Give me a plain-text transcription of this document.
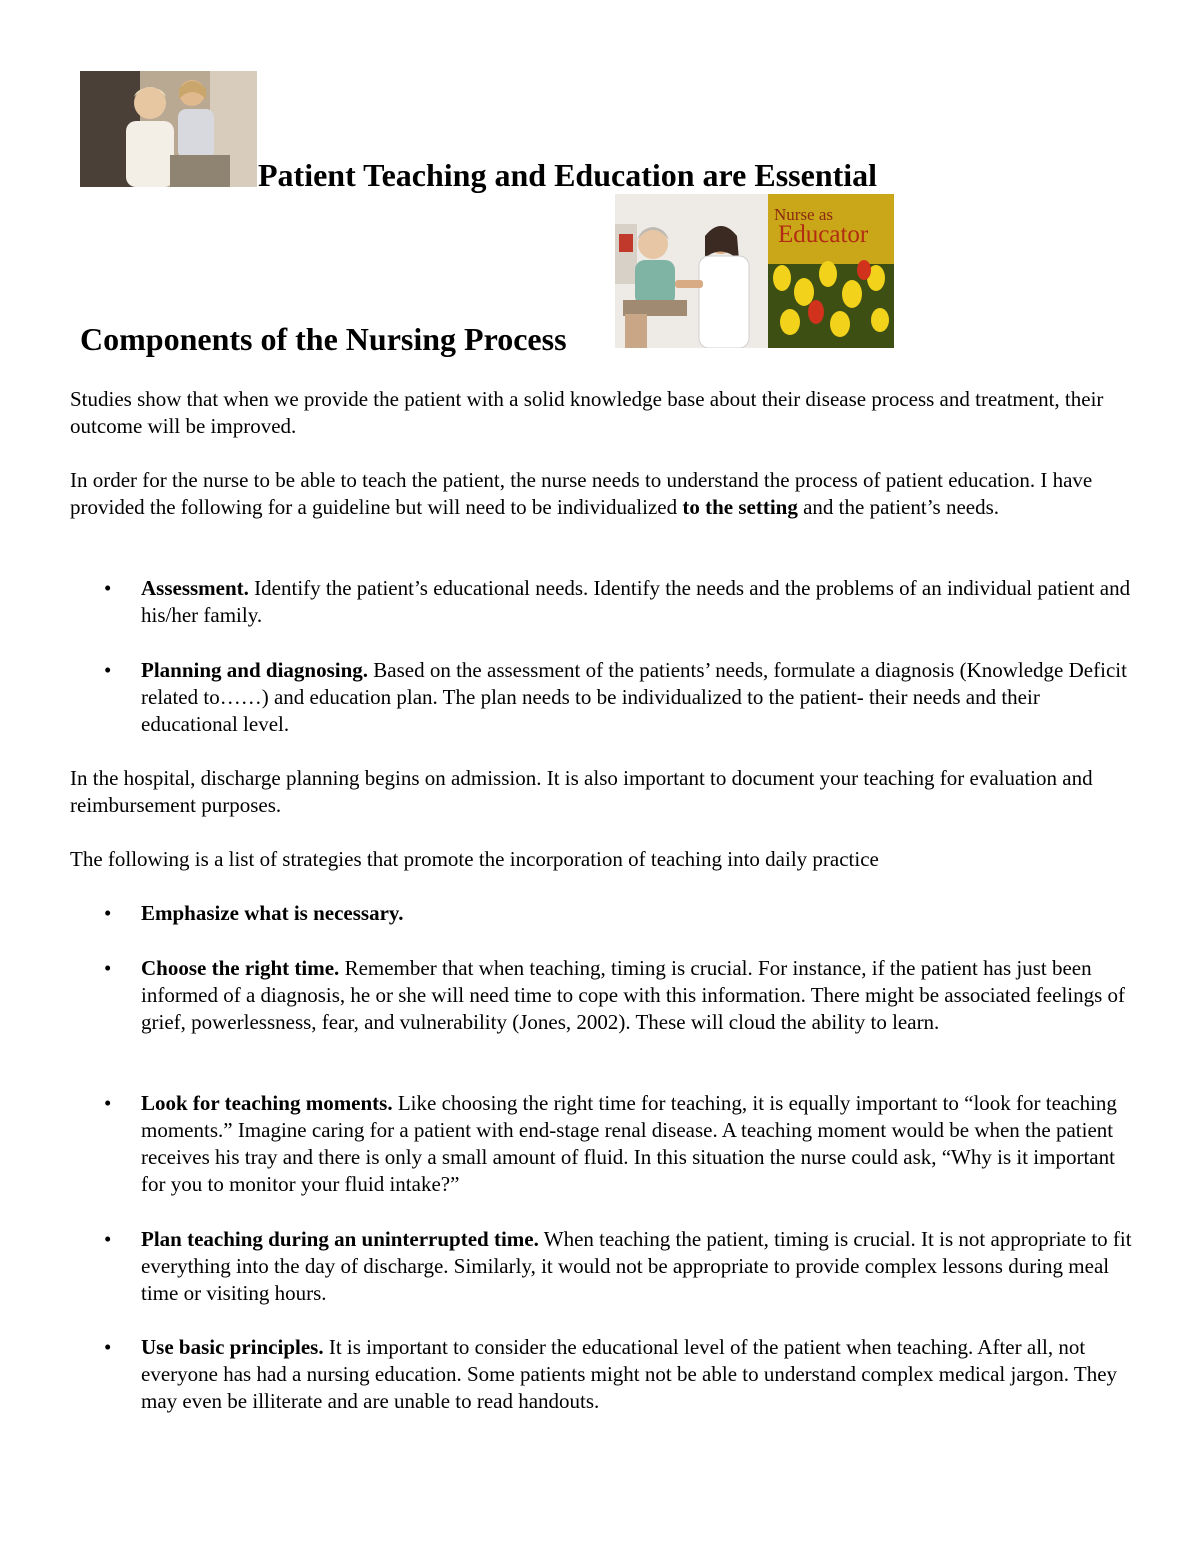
Patient Teaching and Education are Essential
Nurse as
Educator
Components of the Nursing Process

Studies show that when we provide the patient with a solid knowledge base about their disease process and treatment, their outcome will be improved.

In order for the nurse to be able to teach the patient, the nurse needs to understand the process of patient education. I have provided the following for a guideline but will need to be individualized to the setting and the patient’s needs.

• Assessment. Identify the patient’s educational needs. Identify the needs and the problems of an individual patient and his/her family.

• Planning and diagnosing. Based on the assessment of the patients’ needs, formulate a diagnosis (Knowledge Deficit related to……) and education plan. The plan needs to be individualized to the patient- their needs and their educational level.

In the hospital, discharge planning begins on admission. It is also important to document your teaching for evaluation and reimbursement purposes.

The following is a list of strategies that promote the incorporation of teaching into daily practice

• Emphasize what is necessary.

• Choose the right time. Remember that when teaching, timing is crucial. For instance, if the patient has just been informed of a diagnosis, he or she will need time to cope with this information. There might be associated feelings of grief, powerlessness, fear, and vulnerability (Jones, 2002). These will cloud the ability to learn.

• Look for teaching moments. Like choosing the right time for teaching, it is equally important to “look for teaching moments.” Imagine caring for a patient with end-stage renal disease. A teaching moment would be when the patient receives his tray and there is only a small amount of fluid. In this situation the nurse could ask, “Why is it important for you to monitor your fluid intake?”

• Plan teaching during an uninterrupted time. When teaching the patient, timing is crucial. It is not appropriate to fit everything into the day of discharge. Similarly, it would not be appropriate to provide complex lessons during meal time or visiting hours.

• Use basic principles. It is important to consider the educational level of the patient when teaching. After all, not everyone has had a nursing education. Some patients might not be able to understand complex medical jargon. They may even be illiterate and are unable to read handouts.
